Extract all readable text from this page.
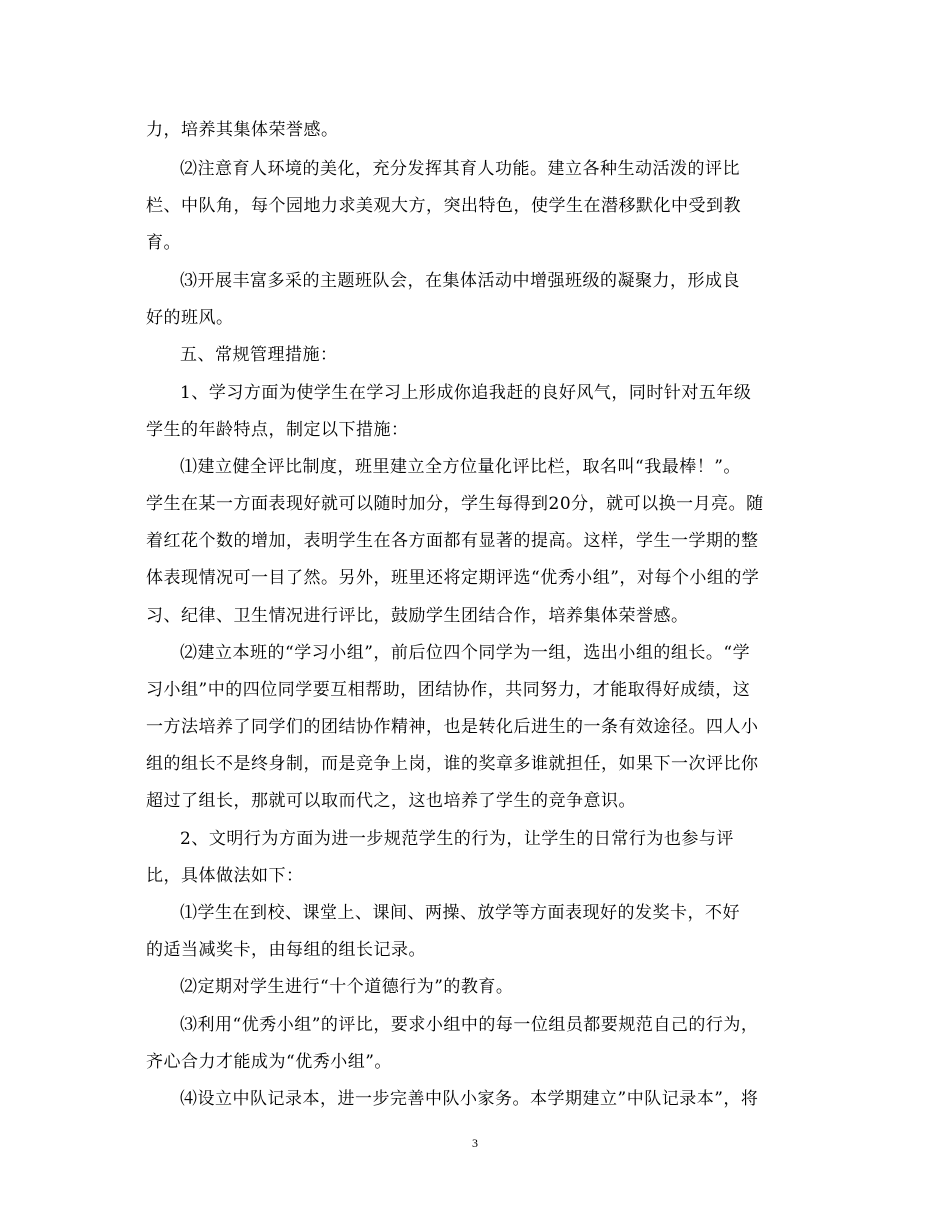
力，培养其集体荣誉感。
⑵注意育人环境的美化，充分发挥其育人功能。建立各种生动活泼的评比
栏、中队角，每个园地力求美观大方，突出特色，使学生在潜移默化中受到教
育。
⑶开展丰富多采的主题班队会，在集体活动中增强班级的凝聚力，形成良
好的班风。
五、常规管理措施：
1、学习方面为使学生在学习上形成你追我赶的良好风气，同时针对五年级
学生的年龄特点，制定以下措施：
⑴建立健全评比制度，班里建立全方位量化评比栏，取名叫“我最棒！”。
学生在某一方面表现好就可以随时加分，学生每得到20分，就可以换一月亮。随
着红花个数的增加，表明学生在各方面都有显著的提高。这样，学生一学期的整
体表现情况可一目了然。另外，班里还将定期评选“优秀小组”，对每个小组的学
习、纪律、卫生情况进行评比，鼓励学生团结合作，培养集体荣誉感。
⑵建立本班的“学习小组”，前后位四个同学为一组，选出小组的组长。“学
习小组”中的四位同学要互相帮助，团结协作，共同努力，才能取得好成绩，这
一方法培养了同学们的团结协作精神，也是转化后进生的一条有效途径。四人小
组的组长不是终身制，而是竞争上岗，谁的奖章多谁就担任，如果下一次评比你
超过了组长，那就可以取而代之，这也培养了学生的竞争意识。
2、文明行为方面为进一步规范学生的行为，让学生的日常行为也参与评
比，具体做法如下：
⑴学生在到校、课堂上、课间、两操、放学等方面表现好的发奖卡，不好
的适当减奖卡，由每组的组长记录。
⑵定期对学生进行“十个道德行为”的教育。
⑶利用“优秀小组”的评比，要求小组中的每一位组员都要规范自己的行为，
齐心合力才能成为“优秀小组”。
⑷设立中队记录本，进一步完善中队小家务。本学期建立”中队记录本”，将
3
